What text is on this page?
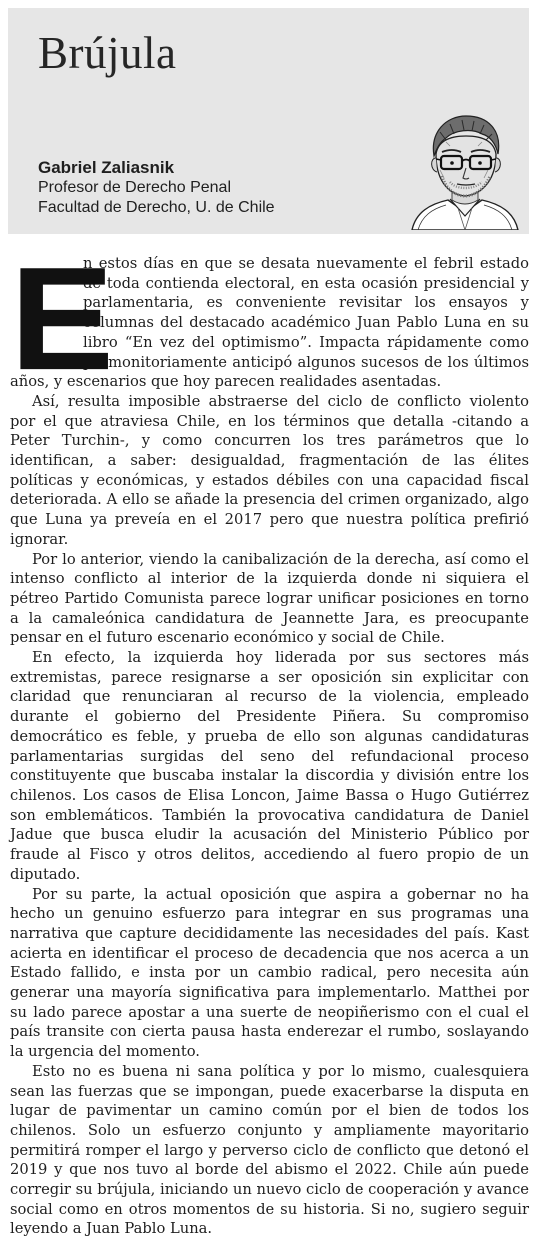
Brújula
Gabriel Zaliasnik
Profesor de Derecho Penal
Facultad de Derecho, U. de Chile

E
n estos días en que se desata nuevamente el febril estado de toda contienda electoral, en esta ocasión presidencial y parlamentaria, es conveniente revisitar los ensayos y columnas del destacado académico Juan Pablo Luna en su libro “En vez del optimismo”. Impacta rápidamente como premonitoriamente anticipó algunos sucesos de los últimos años, y escenarios que hoy parecen realidades asentadas.

Así, resulta imposible abstraerse del ciclo de conflicto violento por el que atraviesa Chile, en los términos que detalla -citando a Peter Turchin-, y como concurren los tres parámetros que lo identifican, a saber: desigualdad, fragmentación de las élites políticas y económicas, y estados débiles con una capacidad fiscal deteriorada. A ello se añade la presencia del crimen organizado, algo que Luna ya preveía en el 2017 pero que nuestra política prefirió ignorar.

Por lo anterior, viendo la canibalización de la derecha, así como el intenso conflicto al interior de la izquierda donde ni siquiera el pétreo Partido Comunista parece lograr unificar posiciones en torno a la camaleónica candidatura de Jeannette Jara, es preocupante pensar en el futuro escenario económico y social de Chile.

En efecto, la izquierda hoy liderada por sus sectores más extremistas, parece resignarse a ser oposición sin explicitar con claridad que renunciaran al recurso de la violencia, empleado durante el gobierno del Presidente Piñera. Su compromiso democrático es feble, y prueba de ello son algunas candidaturas parlamentarias surgidas del seno del refundacional proceso constituyente que buscaba instalar la discordia y división entre los chilenos. Los casos de Elisa Loncon, Jaime Bassa o Hugo Gutiérrez son emblemáticos. También la provocativa candidatura de Daniel Jadue que busca eludir la acusación del Ministerio Público por fraude al Fisco y otros delitos, accediendo al fuero propio de un diputado.

Por su parte, la actual oposición que aspira a gobernar no ha hecho un genuino esfuerzo para integrar en sus programas una narrativa que capture decididamente las necesidades del país. Kast acierta en identificar el proceso de decadencia que nos acerca a un Estado fallido, e insta por un cambio radical, pero necesita aún generar una mayoría significativa para implementarlo. Matthei por su lado parece apostar a una suerte de neopiñerismo con el cual el país transite con cierta pausa hasta enderezar el rumbo, soslayando la urgencia del momento.

Esto no es buena ni sana política y por lo mismo, cualesquiera sean las fuerzas que se impongan, puede exacerbarse la disputa en lugar de pavimentar un camino común por el bien de todos los chilenos. Solo un esfuerzo conjunto y ampliamente mayoritario permitirá romper el largo y perverso ciclo de conflicto que detonó el 2019 y que nos tuvo al borde del abismo el 2022. Chile aún puede corregir su brújula, iniciando un nuevo ciclo de cooperación y avance social como en otros momentos de su historia. Si no, sugiero seguir leyendo a Juan Pablo Luna.
